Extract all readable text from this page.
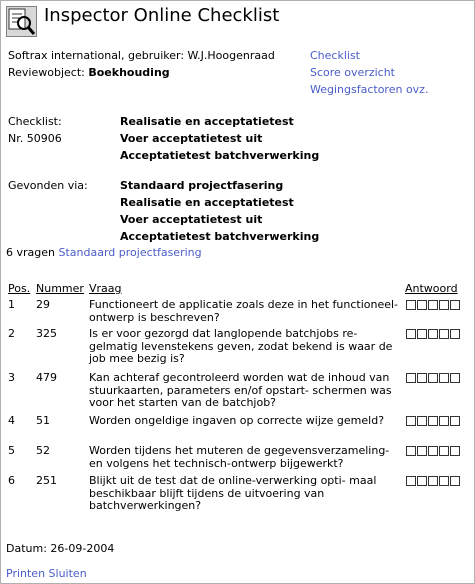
Inspector Online Checklist
Softrax international, gebruiker: W.J.Hoogenraad
Reviewobject: Boekhouding
Checklist
Score overzicht
Wegingsfactoren ovz.
Checklist:
Nr. 50906
Realisatie en acceptatietest
Voer acceptatietest uit
Acceptatietest batchverwerking
Gevonden via:	Standaard projectfasering
Realisatie en acceptatietest
Voer acceptatietest uit
Acceptatietest batchverwerking
6 vragen Standaard projectfasering
Pos. Nummer Vraag	Antwoord
1 29	Functioneert de applicatie zoals deze in het functioneel-ontwerp is beschreven?
2 325	Is er voor gezorgd dat langlopende batchjobs re- gelmatig levenstekens geven, zodat bekend is waar de job mee bezig is?
3 479	Kan achteraf gecontroleerd worden wat de inhoud van stuurkaarten, parameters en/of opstart- schermen was voor het starten van de batchjob?
4 51	Worden ongeldige ingaven op correcte wijze gemeld?
5 52	Worden tijdens het muteren de gegevensverzameling- en volgens het technisch-ontwerp bijgewerkt?
6 251	Blijkt uit de test dat de online-verwerking opti- maal beschikbaar blijft tijdens de uitvoering van batchverwerkingen?
Datum: 26-09-2004
Printen Sluiten
